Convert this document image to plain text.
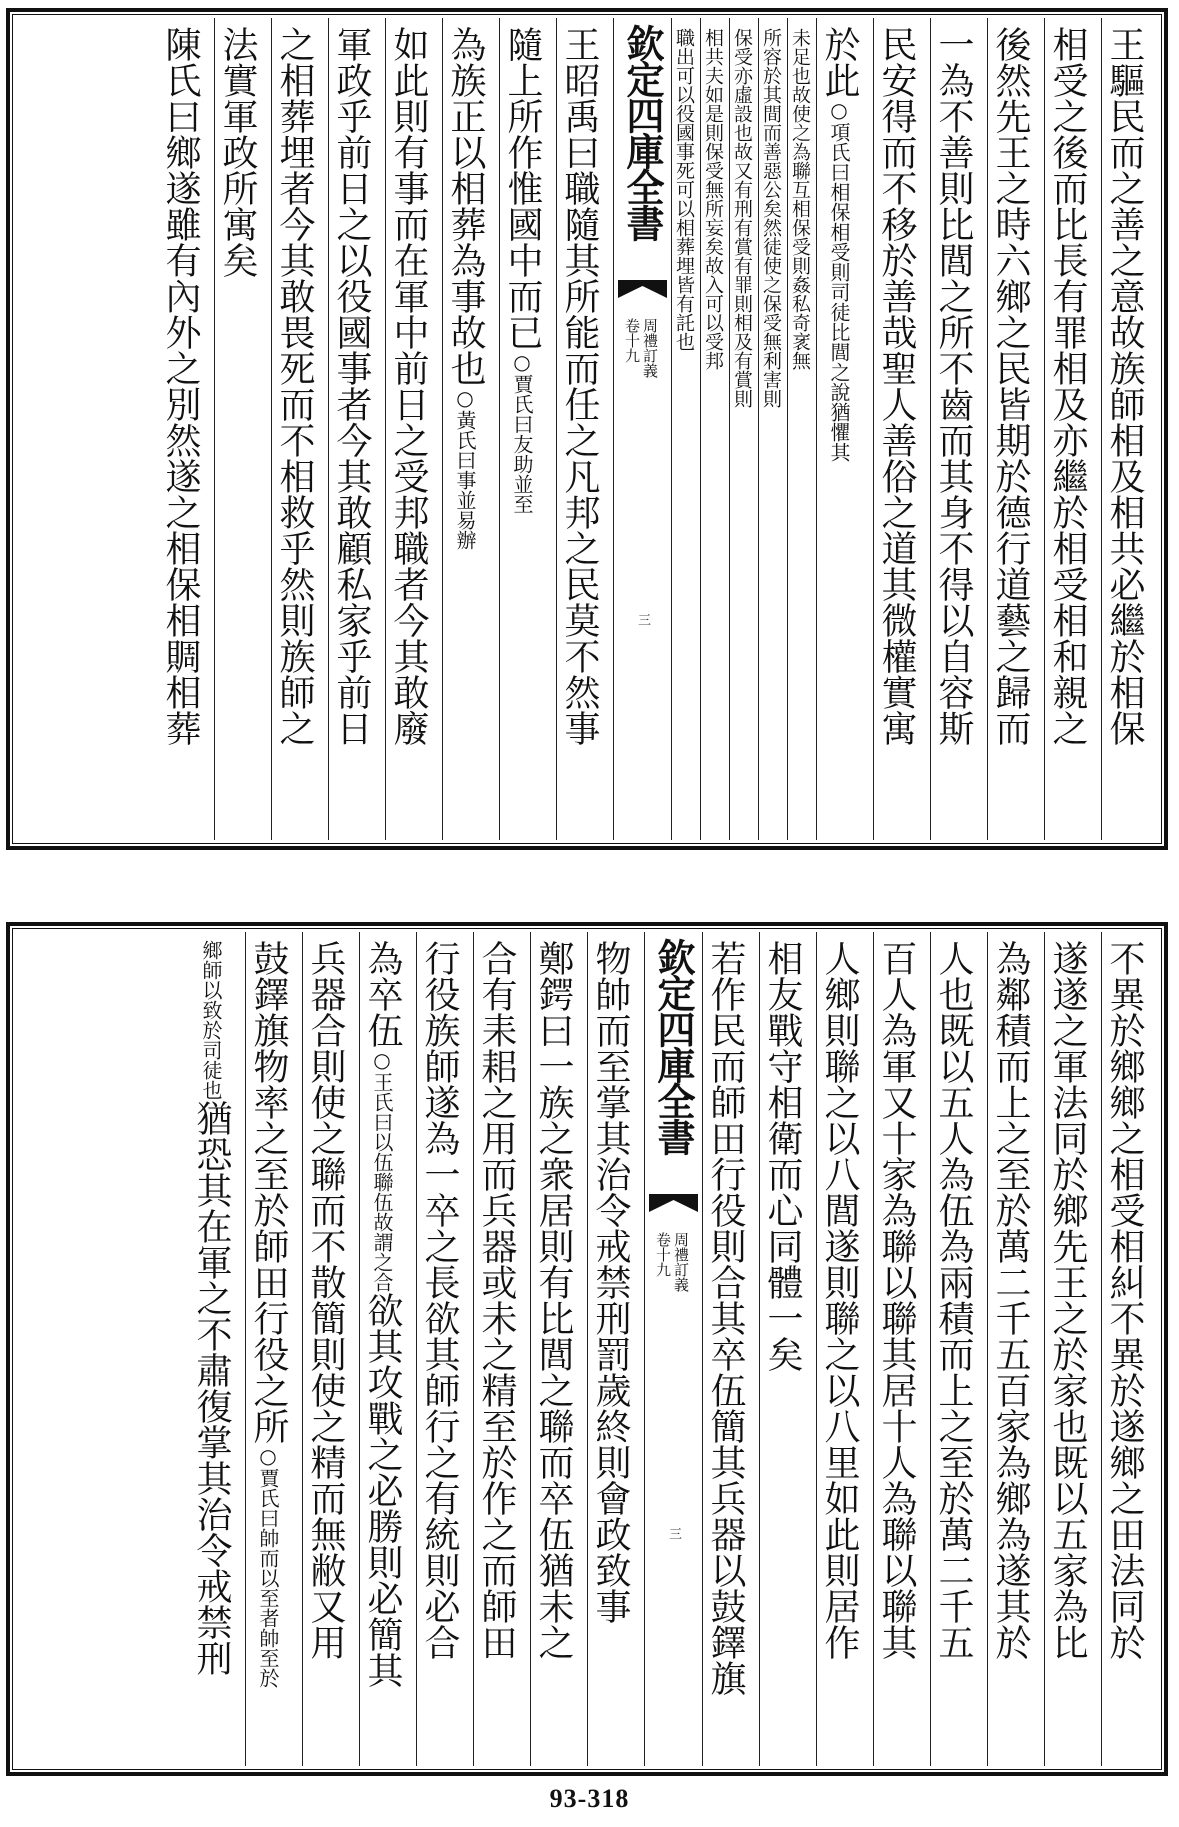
王驅民而之善之意故族師相及相共必繼於相保
相受之後而比長有罪相及亦繼於相受相和親之
後然先王之時六鄉之民皆期於德行道藝之歸而
一為不善則比閭之所不齒而其身不得以自容斯
民安得而不移於善哉聖人善俗之道其微權實寓
於此○項氏曰相保相受則司徒比閭之說猶懼其
未足也故使之為聯互相保受則姦私奇衺無
所容於其間而善惡公矣然徒使之保受無利害則
保受亦虛設也故又有刑有賞有罪則相及有賞則
相共夫如是則保受無所妄矣故入可以受邦
職出可以役國事死可以相葬埋皆有託也
欽定四庫全書
卷十九 周禮訂義
三
王昭禹曰職隨其所能而任之凡邦之民莫不然事
隨上所作惟國中而已○賈氏曰友助並至
為族正以相葬為事故也○黃氏曰事並易辦
如此則有事而在軍中前日之受邦職者今其敢廢
軍政乎前日之以役國事者今其敢顧私家乎前日
之相葬埋者今其敢畏死而不相救乎然則族師之
法實軍政所寓矣
陳氏曰鄉遂雖有內外之別然遂之相保相賙相葬
不異於鄉鄉之相受相糾不異於遂鄉之田法同於
遂遂之軍法同於鄉先王之於家也既以五家為比
為鄰積而上之至於萬二千五百家為鄉為遂其於
人也既以五人為伍為兩積而上之至於萬二千五
百人為軍又十家為聯以聯其居十人為聯以聯其
人鄉則聯之以八閭遂則聯之以八里如此則居作
相友戰守相衛而心同體一矣
若作民而師田行役則合其卒伍簡其兵器以鼓鐸旗
欽定四庫全書
卷十九 周禮訂義
三
物帥而至掌其治令戒禁刑罰歲終則會政致事
鄭鍔曰一族之衆居則有比閭之聯而卒伍猶未之
合有耒耜之用而兵器或未之精至於作之而師田
行役族師遂為一卒之長欲其師行之有統則必合
為卒伍○王氏曰以伍聯伍故謂之合欲其攻戰之必勝則必簡其
兵器合則使之聯而不散簡則使之精而無敝又用
鼓鐸旗物率之至於師田行役之所○賈氏曰帥而以至者帥至於
鄉師以致於司徒也猶恐其在軍之不肅復掌其治令戒禁刑
93-318
